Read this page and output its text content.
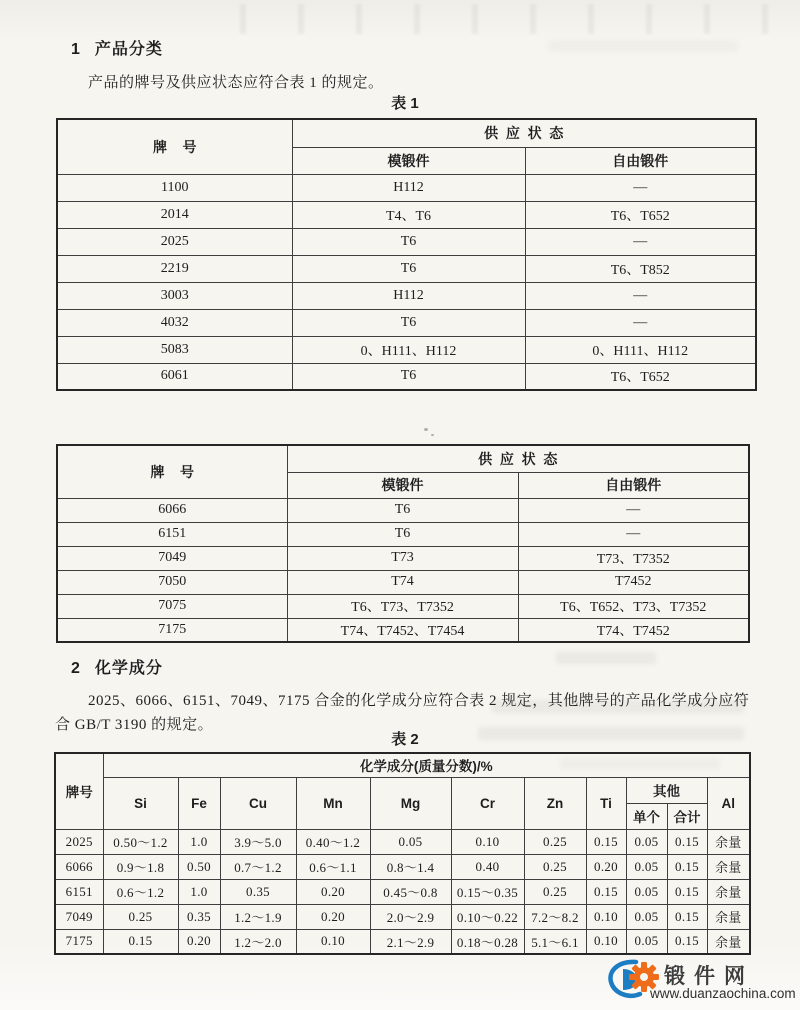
1 产品分类

产品的牌号及供应状态应符合表 1 的规定。

表 1
牌    号	供  应  状  态	
	模锻件	自由锻件
1100	H112	—
2014	T4、T6	T6、T652
2025	T6	—
2219	T6	T6、T852
3003	H112	—
4032	T6	—
5083	0、H111、H112	0、H111、H112
6061	T6	T6、T652
牌    号	供  应  状  态	
	模锻件	自由锻件
6066	T6	—
6151	T6	—
7049	T73	T73、T7352
7050	T74	T7452
7075	T6、T73、T7352	T6、T652、T73、T7352
7175	T74、T7452、T7454	T74、T7452
2 化学成分

2025、6066、6151、7049、7175 合金的化学成分应符合表 2 规定，其他牌号的产品化学成分应符合 GB/T 3190 的规定。

表 2
牌号	化学成分(质量分数)/%										
	Si	Fe	Cu	Mn	Mg	Cr	Zn	Ti	其他		Al
									单个	合计	
2025	0.50～1.2	1.0	3.9～5.0	0.40～1.2	0.05	0.10	0.25	0.15	0.05	0.15	余量
6066	0.9～1.8	0.50	0.7～1.2	0.6～1.1	0.8～1.4	0.40	0.25	0.20	0.05	0.15	余量
6151	0.6～1.2	1.0	0.35	0.20	0.45～0.8	0.15～0.35	0.25	0.15	0.05	0.15	余量
7049	0.25	0.35	1.2～1.9	0.20	2.0～2.9	0.10～0.22	7.2～8.2	0.10	0.05	0.15	余量
7175	0.15	0.20	1.2～2.0	0.10	2.1～2.9	0.18～0.28	5.1～6.1	0.10	0.05	0.15	余量
锻件网
www.duanzaochina.com
